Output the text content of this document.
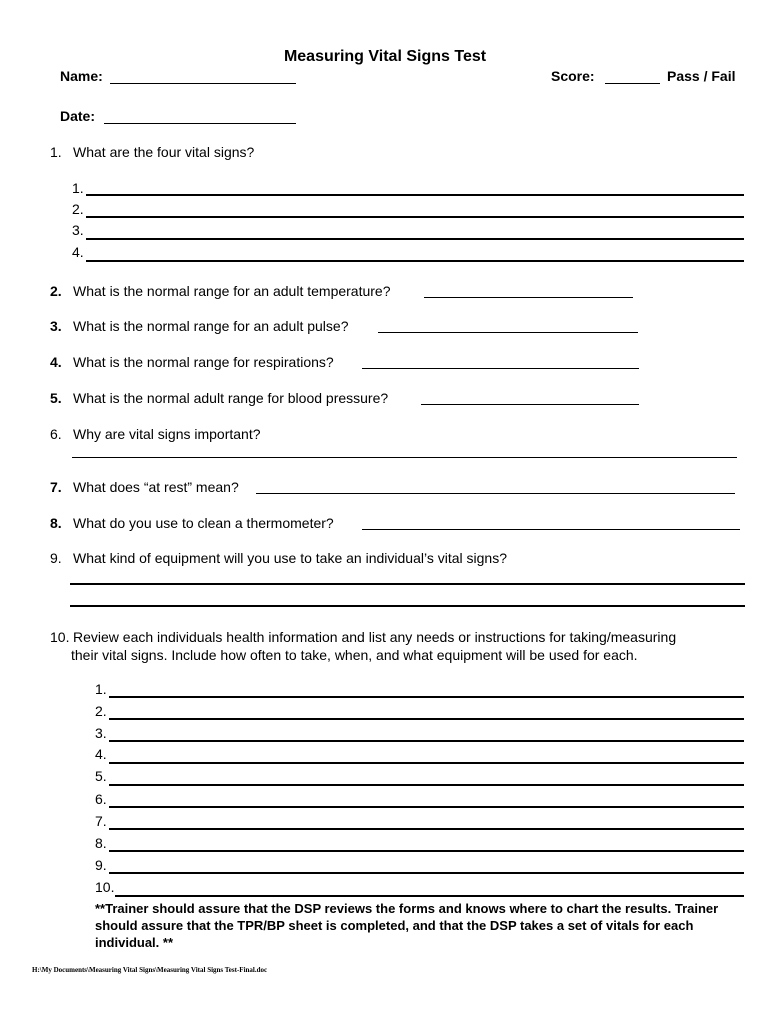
Measuring Vital Signs Test
Name:	Score:	Pass / Fail
Date:
1. What are the four vital signs?
1.
2.
3.
4.
2. What is the normal range for an adult temperature?
3. What is the normal range for an adult pulse?
4. What is the normal range for respirations?
5. What is the normal adult range for blood pressure?
6. Why are vital signs important?
7. What does “at rest” mean?
8. What do you use to clean a thermometer?
9. What kind of equipment will you use to take an individual’s vital signs?
10. Review each individuals health information and list any needs or instructions for taking/measuring
their vital signs. Include how often to take, when, and what equipment will be used for each.
1.
2.
3.
4.
5.
6.
7.
8.
9.
10.
**Trainer should assure that the DSP reviews the forms and knows where to chart the results. Trainer should assure that the TPR/BP sheet is completed, and that the DSP takes a set of vitals for each individual. **
H:\My Documents\Measuring Vital Signs\Measuring Vital Signs Test-Final.doc
